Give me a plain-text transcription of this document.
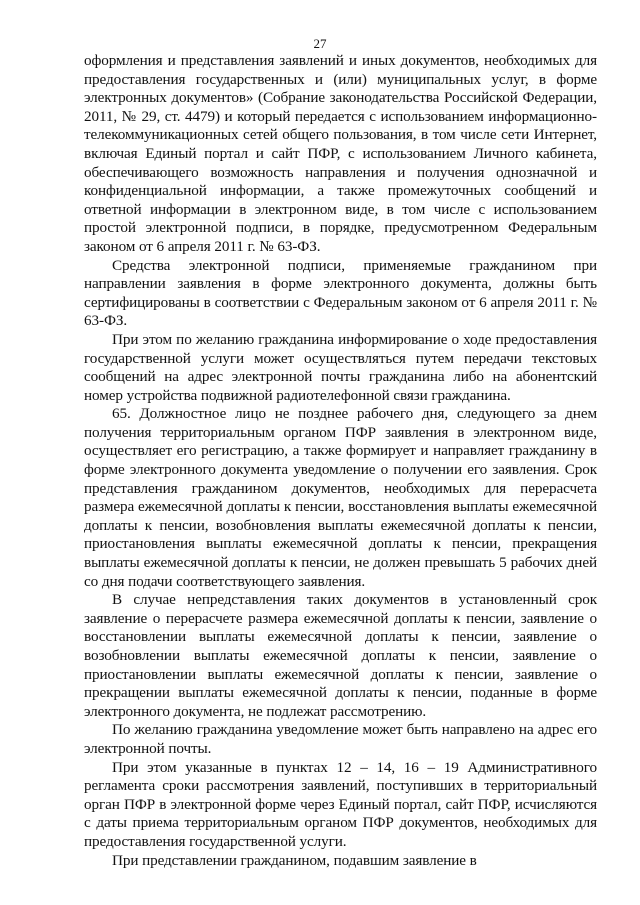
27

оформления и представления заявлений и иных документов, необходимых для предоставления государственных и (или) муниципальных услуг, в форме электронных документов» (Собрание законодательства Российской Федерации, 2011, № 29, ст. 4479) и который передается с использованием информационно-телекоммуникационных сетей общего пользования, в том числе сети Интернет, включая Единый портал и сайт ПФР, с использованием Личного кабинета, обеспечивающего возможность направления и получения однозначной и конфиденциальной информации, а также промежуточных сообщений и ответной информации в электронном виде, в том числе с использованием простой электронной подписи, в порядке, предусмотренном Федеральным законом от 6 апреля 2011 г. № 63-ФЗ.

Средства электронной подписи, применяемые гражданином при направлении заявления в форме электронного документа, должны быть сертифицированы в соответствии с Федеральным законом от 6 апреля 2011 г. № 63-ФЗ.

При этом по желанию гражданина информирование о ходе предоставления государственной услуги может осуществляться путем передачи текстовых сообщений на адрес электронной почты гражданина либо на абонентский номер устройства подвижной радиотелефонной связи гражданина.

65. Должностное лицо не позднее рабочего дня, следующего за днем получения территориальным органом ПФР заявления в электронном виде, осуществляет его регистрацию, а также формирует и направляет гражданину в форме электронного документа уведомление о получении его заявления. Срок представления гражданином документов, необходимых для перерасчета размера ежемесячной доплаты к пенсии, восстановления выплаты ежемесячной доплаты к пенсии, возобновления выплаты ежемесячной доплаты к пенсии, приостановления выплаты ежемесячной доплаты к пенсии, прекращения выплаты ежемесячной доплаты к пенсии, не должен превышать 5 рабочих дней со дня подачи соответствующего заявления.

В случае непредставления таких документов в установленный срок заявление о перерасчете размера ежемесячной доплаты к пенсии, заявление о восстановлении выплаты ежемесячной доплаты к пенсии, заявление о возобновлении выплаты ежемесячной доплаты к пенсии, заявление о приостановлении выплаты ежемесячной доплаты к пенсии, заявление о прекращении выплаты ежемесячной доплаты к пенсии, поданные в форме электронного документа, не подлежат рассмотрению.

По желанию гражданина уведомление может быть направлено на адрес его электронной почты.

При этом указанные в пунктах 12 – 14, 16 – 19 Административного регламента сроки рассмотрения заявлений, поступивших в территориальный орган ПФР в электронной форме через Единый портал, сайт ПФР, исчисляются с даты приема территориальным органом ПФР документов, необходимых для предоставления государственной услуги.

При представлении гражданином, подавшим заявление в
